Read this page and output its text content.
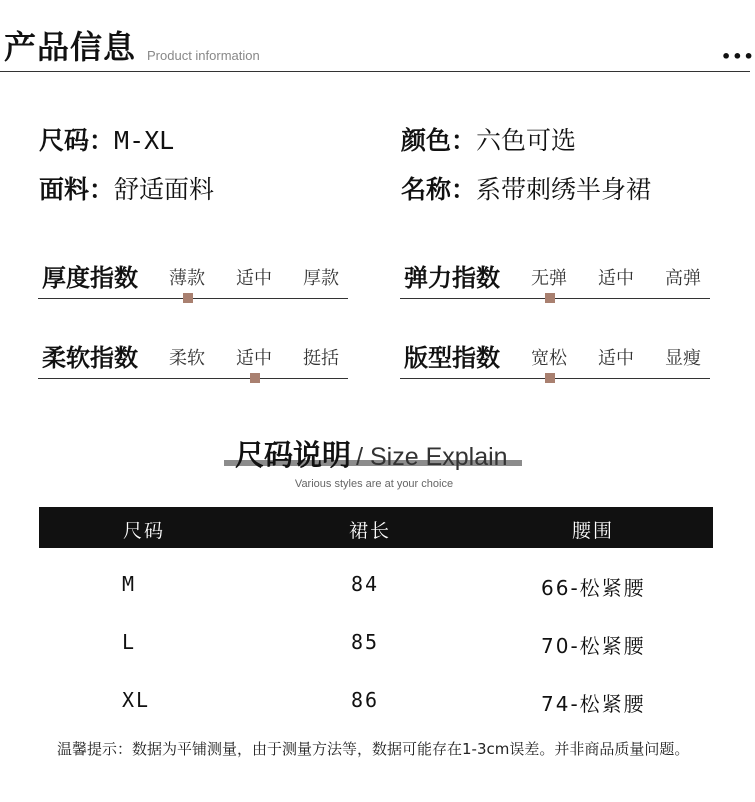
产品信息 Product information	•••
尺码：M-XL	颜色：六色可选
面料：舒适面料	名称：系带刺绣半身裙
厚度指数 薄款 适中 厚款	弹力指数 无弹 适中 高弹
柔软指数 柔软 适中 挺括	版型指数 宽松 适中 显瘦
尺码说明 / Size Explain
Various styles are at your choice
尺码	裙长	腰围
M	84	66-松紧腰
L	85	70-松紧腰
XL	86	74-松紧腰
温馨提示：数据为平铺测量，由于测量方法等，数据可能存在1-3cm误差。并非商品质量问题。
